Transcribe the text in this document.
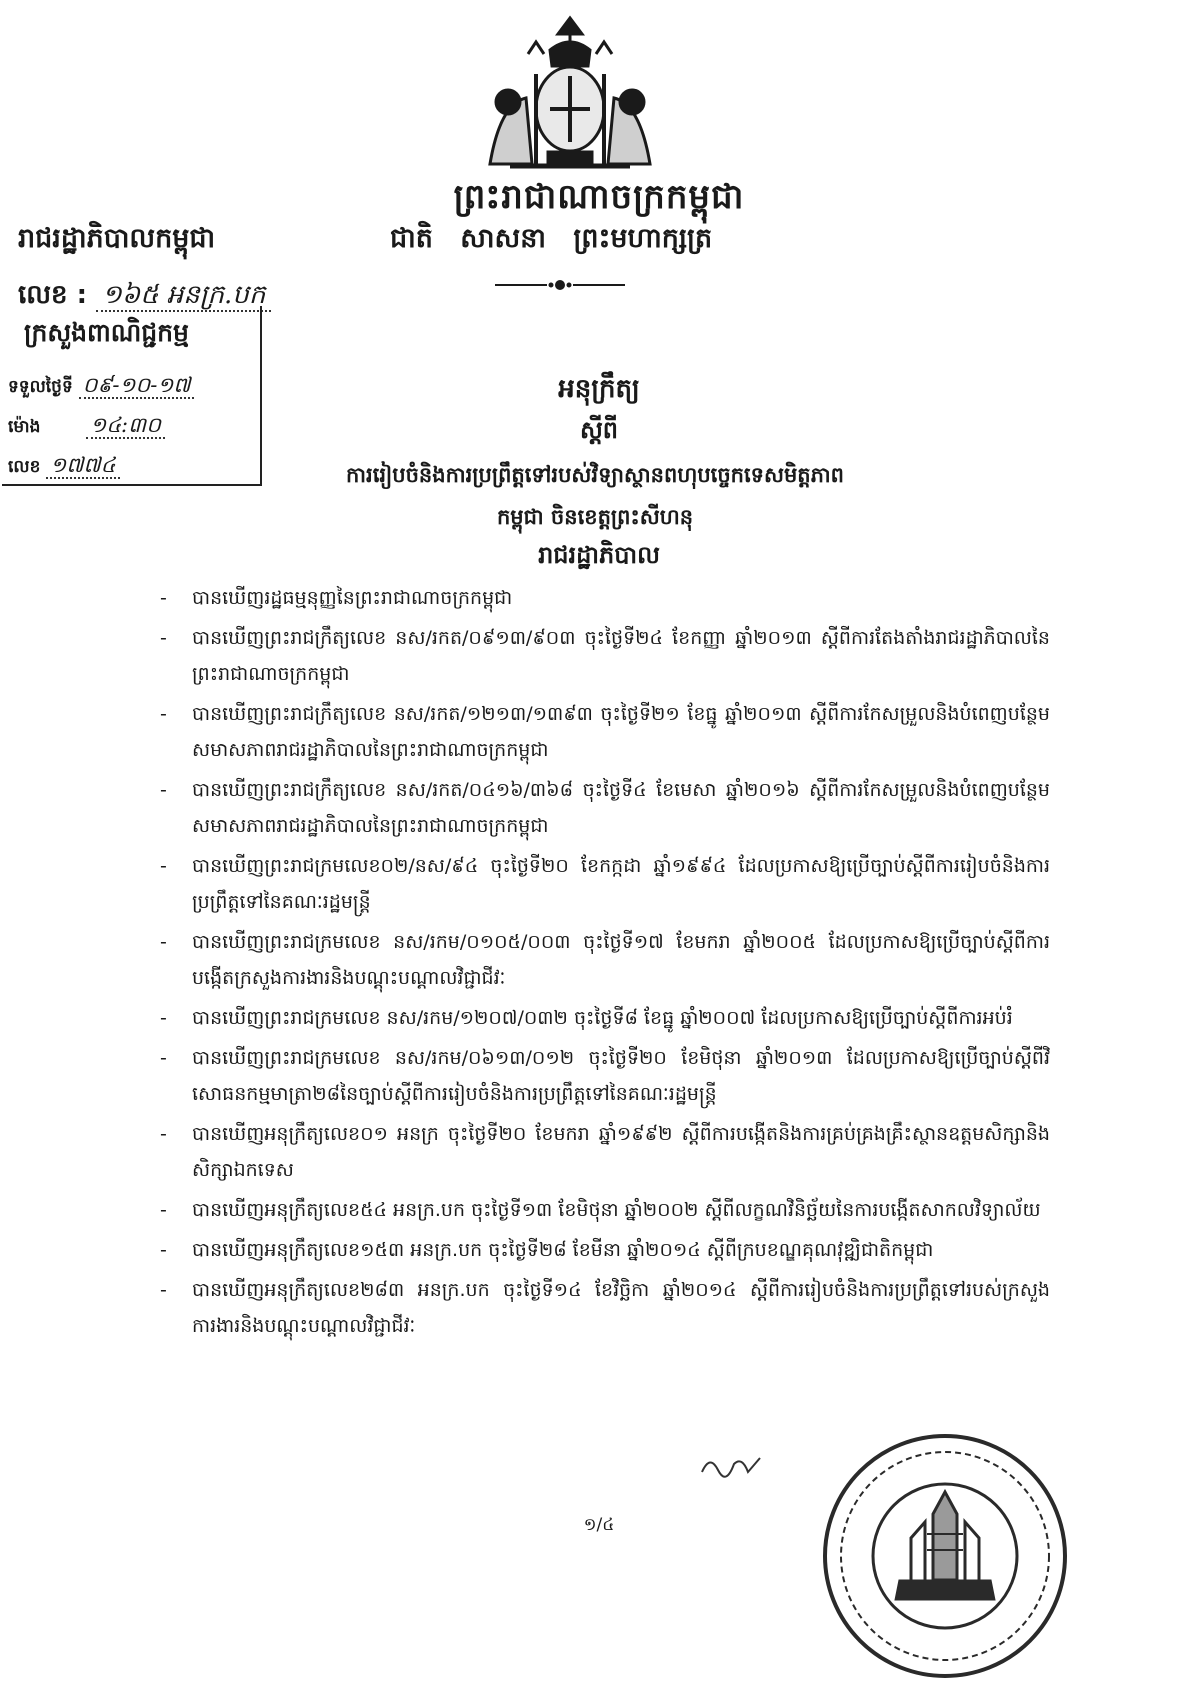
ព្រះរាជាណាចក្រកម្ពុជា
រាជរដ្ឋាភិបាលកម្ពុជា	ជាតិ សាសនា ព្រះមហាក្សត្រ
លេខ : ១៦៥ អនក្រ.បក
ក្រសួងពាណិជ្ជកម្ម
ទទួលថ្ងៃទី ០៩-១០-១៧
ម៉ោង ១៤:៣០
លេខ ១៧៧៤
អនុក្រឹត្យ
ស្តីពី
ការរៀបចំនិងការប្រព្រឹត្តទៅរបស់វិទ្យាស្ថានពហុបច្ចេកទេសមិត្តភាព
កម្ពុជា ចិនខេត្តព្រះសីហនុ
រាជរដ្ឋាភិបាល
- បានឃើញរដ្ឋធម្មនុញ្ញនៃព្រះរាជាណាចក្រកម្ពុជា
- បានឃើញព្រះរាជក្រឹត្យលេខ នស/រកត/០៩១៣/៩០៣ ចុះថ្ងៃទី២៤ ខែកញ្ញា ឆ្នាំ២០១៣ ស្តីពីការតែងតាំងរាជរដ្ឋាភិបាលនៃព្រះរាជាណាចក្រកម្ពុជា
- បានឃើញព្រះរាជក្រឹត្យលេខ នស/រកត/១២១៣/១៣៩៣ ចុះថ្ងៃទី២១ ខែធ្នូ ឆ្នាំ២០១៣ ស្តីពីការកែសម្រួលនិងបំពេញបន្ថែមសមាសភាពរាជរដ្ឋាភិបាលនៃព្រះរាជាណាចក្រកម្ពុជា
- បានឃើញព្រះរាជក្រឹត្យលេខ នស/រកត/០៤១៦/៣៦៨ ចុះថ្ងៃទី៤ ខែមេសា ឆ្នាំ២០១៦ ស្តីពីការកែសម្រួលនិងបំពេញបន្ថែមសមាសភាពរាជរដ្ឋាភិបាលនៃព្រះរាជាណាចក្រកម្ពុជា
- បានឃើញព្រះរាជក្រមលេខ០២/នស/៩៤ ចុះថ្ងៃទី២០ ខែកក្កដា ឆ្នាំ១៩៩៤ ដែលប្រកាសឱ្យប្រើច្បាប់ស្តីពីការរៀបចំនិងការប្រព្រឹត្តទៅនៃគណៈរដ្ឋមន្ត្រី
- បានឃើញព្រះរាជក្រមលេខ នស/រកម/០១០៥/០០៣ ចុះថ្ងៃទី១៧ ខែមករា ឆ្នាំ២០០៥ ដែលប្រកាសឱ្យប្រើច្បាប់ស្តីពីការបង្កើតក្រសួងការងារនិងបណ្តុះបណ្តាលវិជ្ជាជីវៈ
- បានឃើញព្រះរាជក្រមលេខ នស/រកម/១២០៧/០៣២ ចុះថ្ងៃទី៨ ខែធ្នូ ឆ្នាំ២០០៧ ដែលប្រកាសឱ្យប្រើច្បាប់ស្តីពីការអប់រំ
- បានឃើញព្រះរាជក្រមលេខ នស/រកម/០៦១៣/០១២ ចុះថ្ងៃទី២០ ខែមិថុនា ឆ្នាំ២០១៣ ដែលប្រកាសឱ្យប្រើច្បាប់ស្តីពីវិសោធនកម្មមាត្រា២៨នៃច្បាប់ស្តីពីការរៀបចំនិងការប្រព្រឹត្តទៅនៃគណៈរដ្ឋមន្ត្រី
- បានឃើញអនុក្រឹត្យលេខ០១ អនក្រ ចុះថ្ងៃទី២០ ខែមករា ឆ្នាំ១៩៩២ ស្តីពីការបង្កើតនិងការគ្រប់គ្រងគ្រឹះស្ថានឧត្តមសិក្សានិងសិក្សាឯកទេស
- បានឃើញអនុក្រឹត្យលេខ៥៤ អនក្រ.បក ចុះថ្ងៃទី១៣ ខែមិថុនា ឆ្នាំ២០០២ ស្តីពីលក្ខណវិនិច្ឆ័យនៃការបង្កើតសាកលវិទ្យាល័យ
- បានឃើញអនុក្រឹត្យលេខ១៥៣ អនក្រ.បក ចុះថ្ងៃទី២៨ ខែមីនា ឆ្នាំ២០១៤ ស្តីពីក្របខណ្ឌគុណវុឌ្ឍិជាតិកម្ពុជា
- បានឃើញអនុក្រឹត្យលេខ២៨៣ អនក្រ.បក ចុះថ្ងៃទី១៤ ខែវិច្ឆិកា ឆ្នាំ២០១៤ ស្តីពីការរៀបចំនិងការប្រព្រឹត្តទៅរបស់ក្រសួងការងារនិងបណ្តុះបណ្តាលវិជ្ជាជីវៈ
១/៤
